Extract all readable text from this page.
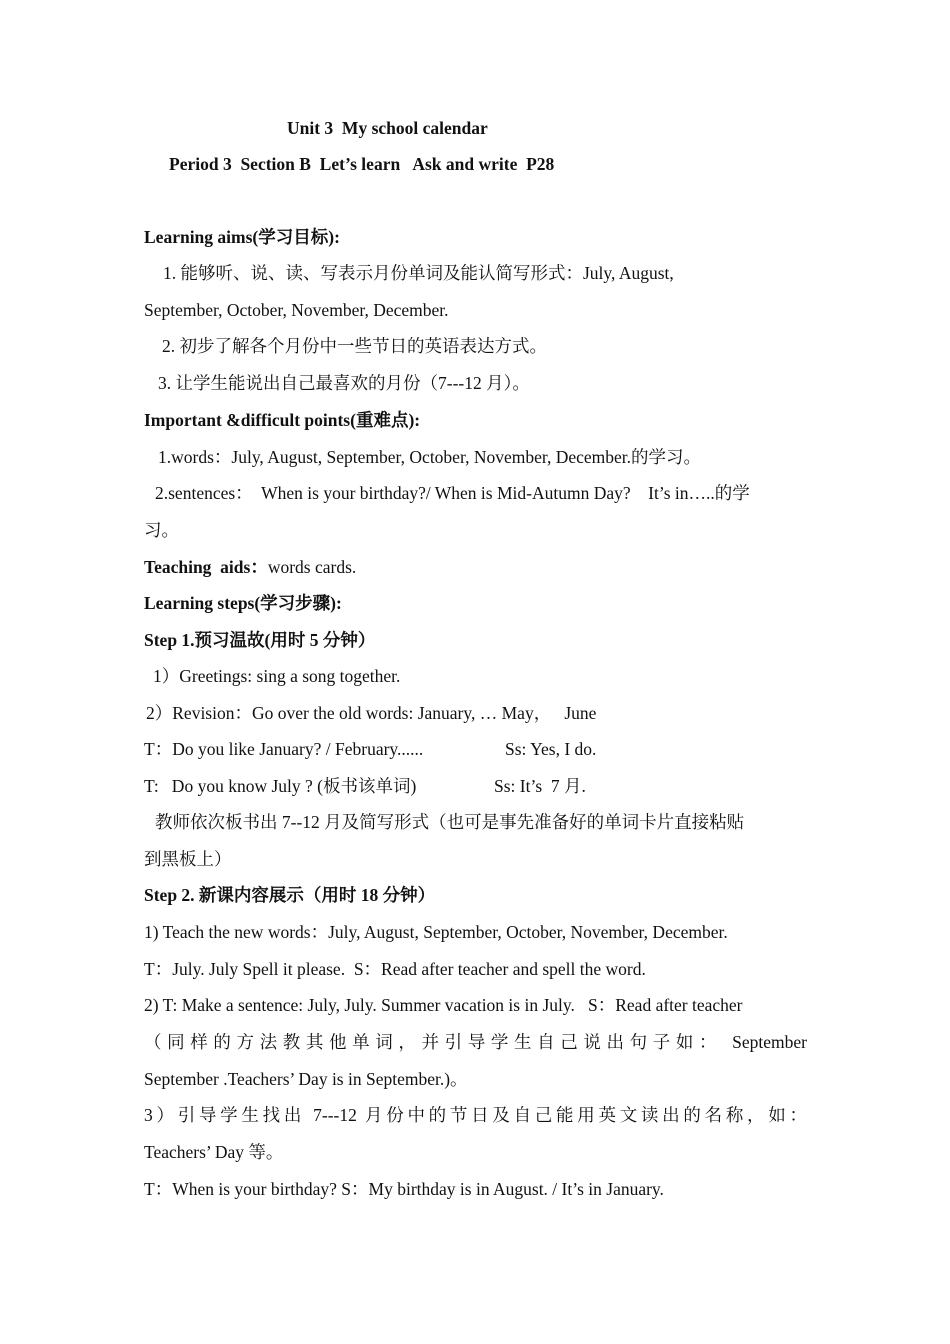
Unit 3  My school calendar
Period 3  Section B  Let’s learn   Ask and write  P28
Learning aims(学习目标):
1. 能够听、说、读、写表示月份单词及能认简写形式：July, August,
September, October, November, December.
2. 初步了解各个月份中一些节日的英语表达方式。
3. 让学生能说出自己最喜欢的月份（7---12 月）。
Important &difficult points(重难点):
1.words：July, August, September, October, November, December.的学习。
2.sentences：  When is your birthday?/ When is Mid-Autumn Day?    It’s in…..的学
习。
Teaching  aids：words cards.
Learning steps(学习步骤):
Step 1.预习温故(用时 5 分钟）
1）Greetings: sing a song together.
2）Revision：Go over the old words: January, … May，   June
T：Do you like January? / February......	Ss: Yes, I do.
T:   Do you know July ? (板书该单词)	Ss: It’s  7 月.
教师依次板书出 7--12 月及简写形式（也可是事先准备好的单词卡片直接粘贴
到黑板上）
Step 2. 新课内容展示（用时 18 分钟）
1) Teach the new words：July, August, September, October, November, December.
T：July. July Spell it please.  S：Read after teacher and spell the word.
2) T: Make a sentence: July, July. Summer vacation is in July.   S：Read after teacher
（同样的方法教其他单词，并引导学生自己说出句子如： September
September .Teachers’ Day is in September.)。
3）引导学生找出 7---12 月份中的节日及自己能用英文读出的名称，如：
Teachers’ Day 等。
T：When is your birthday? S：My birthday is in August. / It’s in January.
